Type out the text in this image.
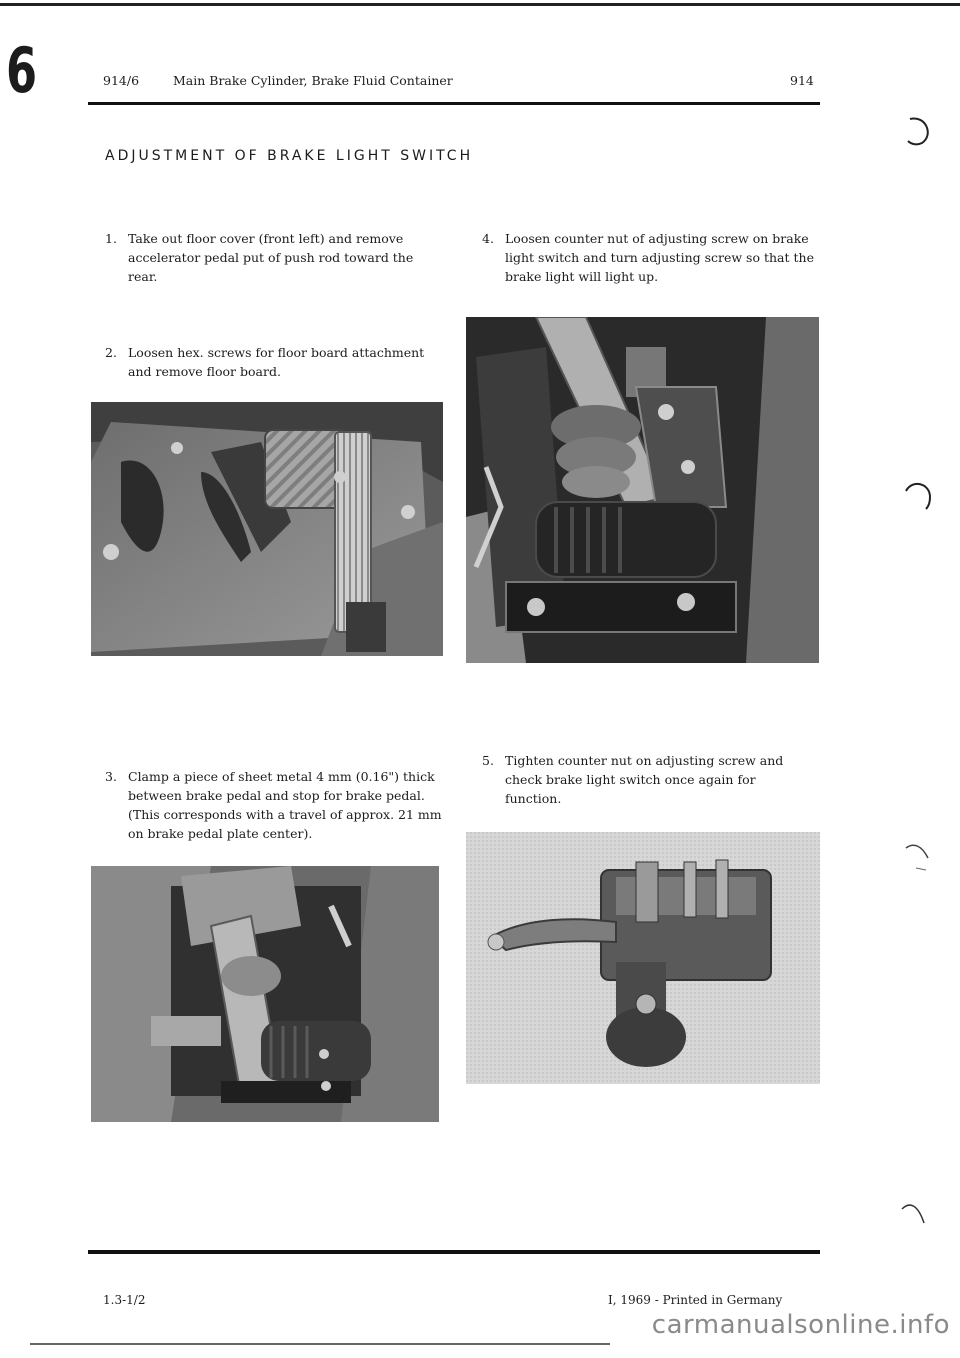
6	914/6	Main Brake Cylinder, Brake Fluid Container	914
ADJUSTMENT OF BRAKE LIGHT SWITCH
1. Take out floor cover (front left) and remove accelerator pedal put of push rod toward the rear.
2. Loosen hex. screws for floor board attachment and remove floor board.
3. Clamp a piece of sheet metal 4 mm (0.16") thick between brake pedal and stop for brake pedal. (This corresponds with a travel of approx. 21 mm on brake pedal plate center).
4. Loosen counter nut of adjusting screw on brake light switch and turn adjusting screw so that the brake light will light up.
5. Tighten counter nut on adjusting screw and check brake light switch once again for function.
1.3-1/2	I, 1969 - Printed in Germany
carmanualsonline.info
